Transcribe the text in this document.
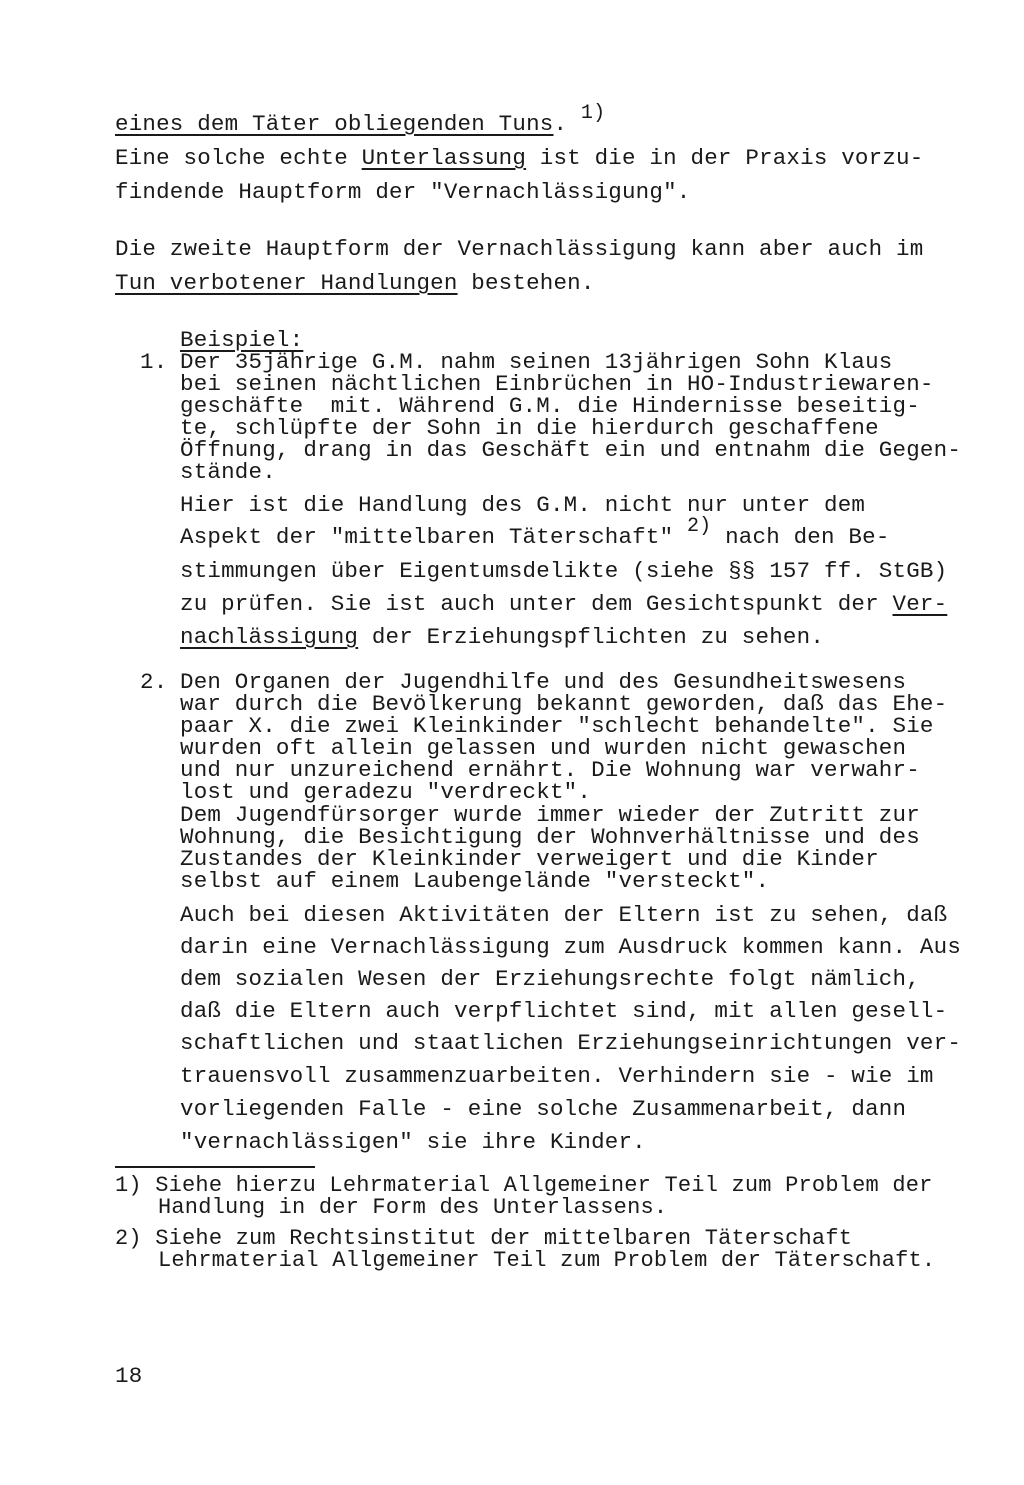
eines dem Täter obliegenden Tuns. 1)
Eine solche echte Unterlassung ist die in der Praxis vorzu-
findende Hauptform der "Vernachlässigung".
Die zweite Hauptform der Vernachlässigung kann aber auch im
Tun verbotener Handlungen bestehen.
Beispiel:
1. Der 35jährige G.M. nahm seinen 13jährigen Sohn Klaus
bei seinen nächtlichen Einbrüchen in HO-Industriewaren-
geschäfte  mit. Während G.M. die Hindernisse beseitig-
te, schlüpfte der Sohn in die hierdurch geschaffene
Öffnung, drang in das Geschäft ein und entnahm die Gegen-
stände.
Hier ist die Handlung des G.M. nicht nur unter dem
Aspekt der "mittelbaren Täterschaft" 2) nach den Be-
stimmungen über Eigentumsdelikte (siehe §§ 157 ff. StGB)
zu prüfen. Sie ist auch unter dem Gesichtspunkt der Ver-
nachlässigung der Erziehungspflichten zu sehen.
2. Den Organen der Jugendhilfe und des Gesundheitswesens
war durch die Bevölkerung bekannt geworden, daß das Ehe-
paar X. die zwei Kleinkinder "schlecht behandelte". Sie
wurden oft allein gelassen und wurden nicht gewaschen
und nur unzureichend ernährt. Die Wohnung war verwahr-
lost und geradezu "verdreckt".
Dem Jugendfürsorger wurde immer wieder der Zutritt zur
Wohnung, die Besichtigung der Wohnverhältnisse und des
Zustandes der Kleinkinder verweigert und die Kinder
selbst auf einem Laubengelände "versteckt".
Auch bei diesen Aktivitäten der Eltern ist zu sehen, daß
darin eine Vernachlässigung zum Ausdruck kommen kann. Aus
dem sozialen Wesen der Erziehungsrechte folgt nämlich,
daß die Eltern auch verpflichtet sind, mit allen gesell-
schaftlichen und staatlichen Erziehungseinrichtungen ver-
trauensvoll zusammenzuarbeiten. Verhindern sie - wie im
vorliegenden Falle - eine solche Zusammenarbeit, dann
"vernachlässigen" sie ihre Kinder.
1) Siehe hierzu Lehrmaterial Allgemeiner Teil zum Problem der
Handlung in der Form des Unterlassens.
2) Siehe zum Rechtsinstitut der mittelbaren Täterschaft
Lehrmaterial Allgemeiner Teil zum Problem der Täterschaft.
18
